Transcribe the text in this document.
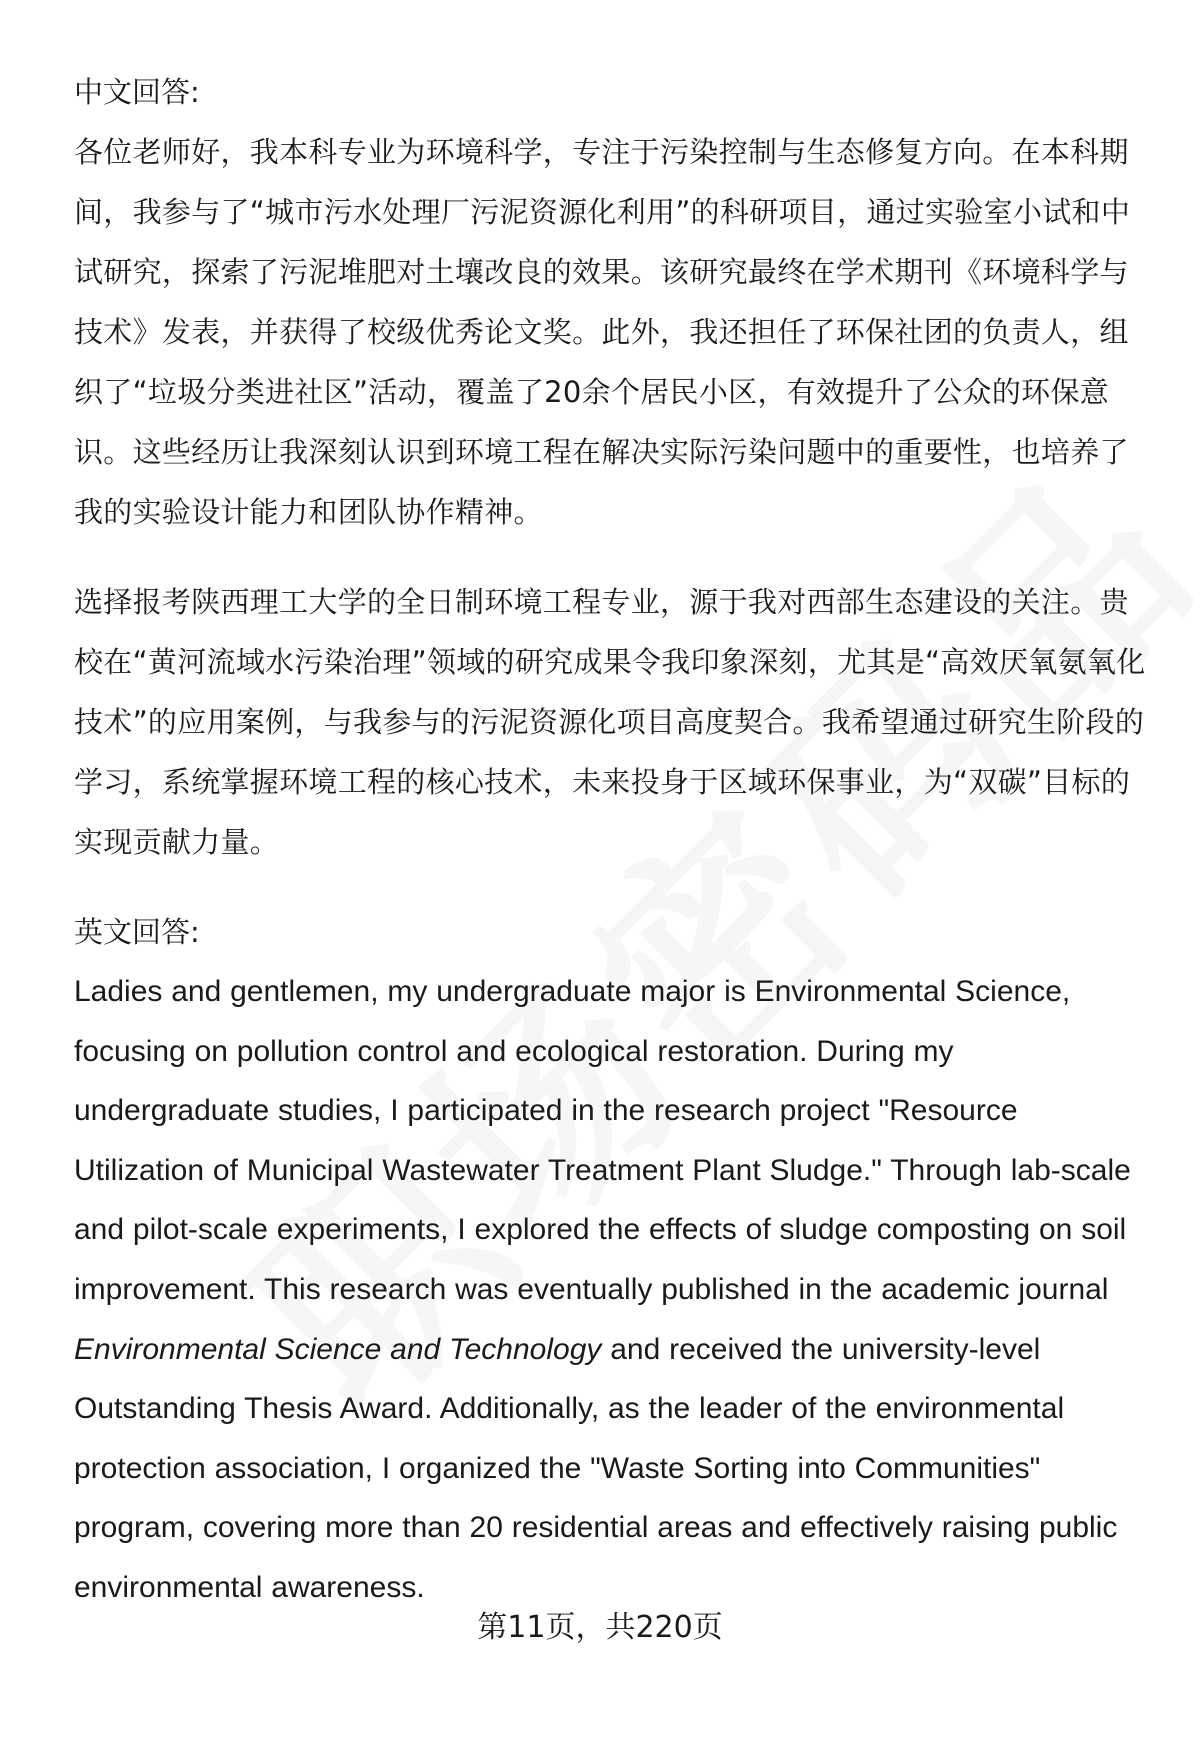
中文回答:

各位老师好，我本科专业为环境科学，专注于污染控制与生态修复方向。在本科期间，我参与了“城市污水处理厂污泥资源化利用”的科研项目，通过实验室小试和中试研究，探索了污泥堆肥对土壤改良的效果。该研究最终在学术期刊《环境科学与技术》发表，并获得了校级优秀论文奖。此外，我还担任了环保社团的负责人，组织了“垃圾分类进社区”活动，覆盖了20余个居民小区，有效提升了公众的环保意识。这些经历让我深刻认识到环境工程在解决实际污染问题中的重要性，也培养了我的实验设计能力和团队协作精神。

选择报考陕西理工大学的全日制环境工程专业，源于我对西部生态建设的关注。贵校在“黄河流域水污染治理”领域的研究成果令我印象深刻，尤其是“高效厌氧氨氧化技术”的应用案例，与我参与的污泥资源化项目高度契合。我希望通过研究生阶段的学习，系统掌握环境工程的核心技术，未来投身于区域环保事业，为“双碳”目标的实现贡献力量。

英文回答:

Ladies and gentlemen, my undergraduate major is Environmental Science, focusing on pollution control and ecological restoration. During my undergraduate studies, I participated in the research project "Resource Utilization of Municipal Wastewater Treatment Plant Sludge." Through lab-scale and pilot-scale experiments, I explored the effects of sludge composting on soil improvement. This research was eventually published in the academic journal Environmental Science and Technology and received the university-level Outstanding Thesis Award. Additionally, as the leader of the environmental protection association, I organized the "Waste Sorting into Communities" program, covering more than 20 residential areas and effectively raising public environmental awareness.

第11页，共220页
